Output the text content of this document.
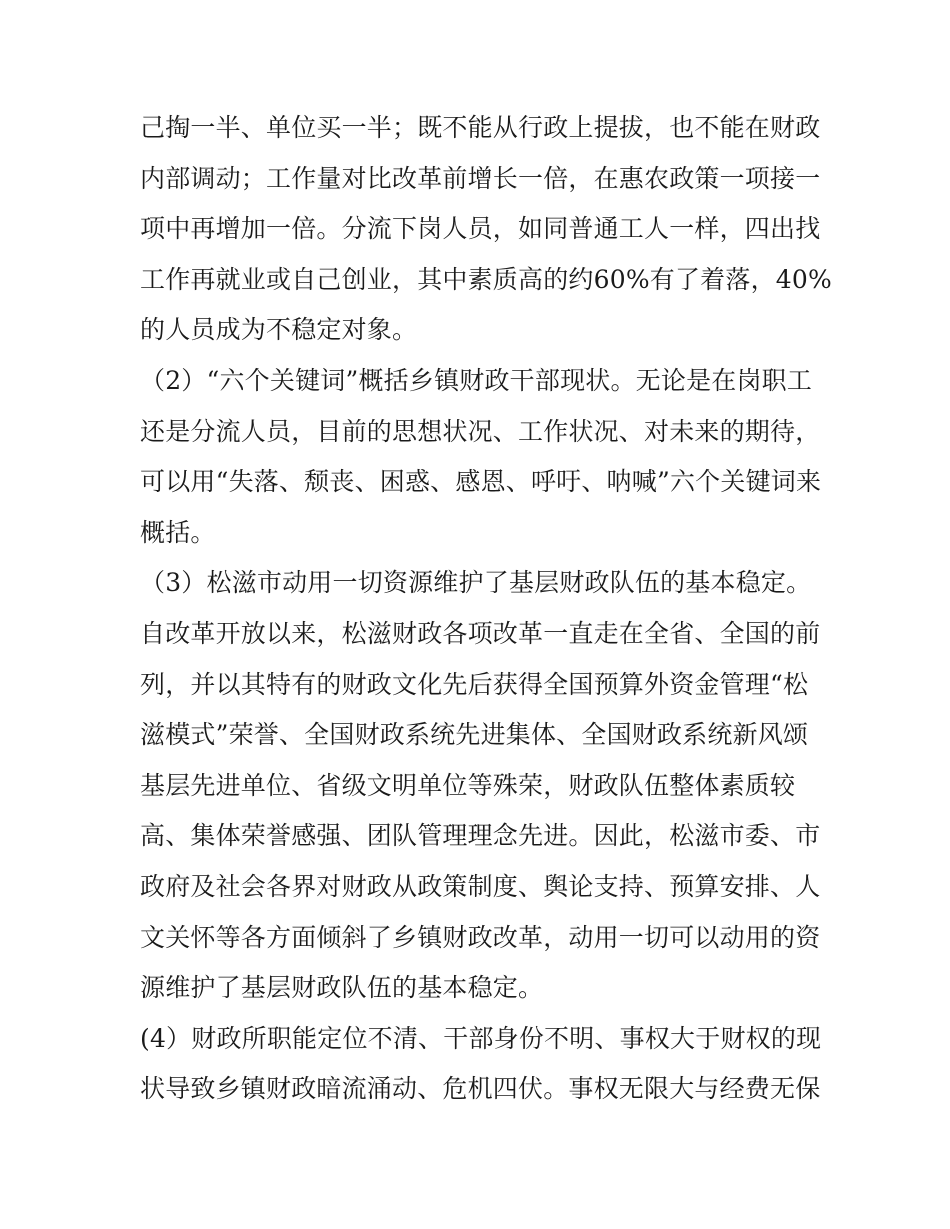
己掏一半、单位买一半；既不能从行政上提拔，也不能在财政
内部调动；工作量对比改革前增长一倍，在惠农政策一项接一
项中再增加一倍。分流下岗人员，如同普通工人一样，四出找
工作再就业或自己创业，其中素质高的约60%有了着落，40%
的人员成为不稳定对象。
（2）“六个关键词”概括乡镇财政干部现状。无论是在岗职工
还是分流人员，目前的思想状况、工作状况、对未来的期待，
可以用“失落、颓丧、困惑、感恩、呼吁、呐喊”六个关键词来
概括。
（3）松滋市动用一切资源维护了基层财政队伍的基本稳定。
自改革开放以来，松滋财政各项改革一直走在全省、全国的前
列，并以其特有的财政文化先后获得全国预算外资金管理“松
滋模式”荣誉、全国财政系统先进集体、全国财政系统新风颂
基层先进单位、省级文明单位等殊荣，财政队伍整体素质较
高、集体荣誉感强、团队管理理念先进。因此，松滋市委、市
政府及社会各界对财政从政策制度、舆论支持、预算安排、人
文关怀等各方面倾斜了乡镇财政改革，动用一切可以动用的资
源维护了基层财政队伍的基本稳定。
(4）财政所职能定位不清、干部身份不明、事权大于财权的现
状导致乡镇财政暗流涌动、危机四伏。事权无限大与经费无保
